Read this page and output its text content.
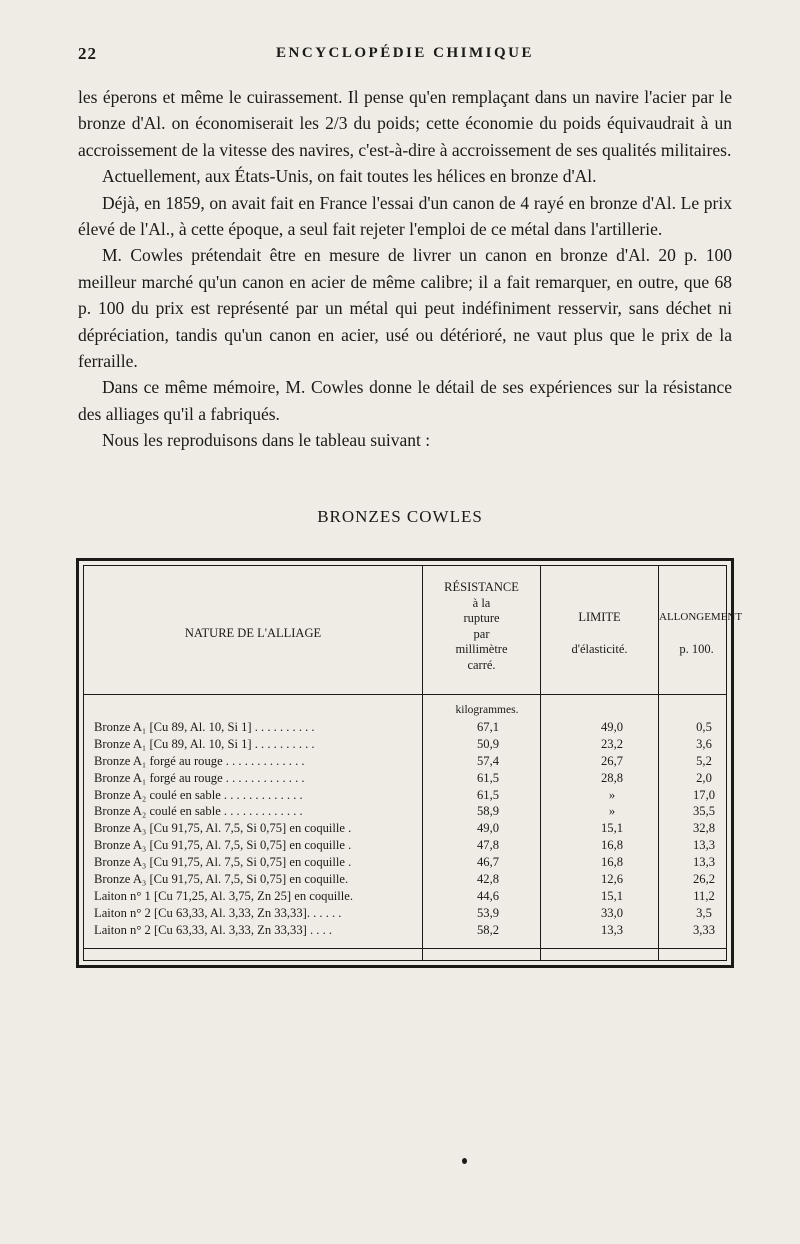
22	ENCYCLOPÉDIE CHIMIQUE

les éperons et même le cuirassement. Il pense qu'en remplaçant dans un navire l'acier par le bronze d'Al. on économiserait les 2/3 du poids; cette économie du poids équivaudrait à un accroissement de la vitesse des navires, c'est-à-dire à accroissement de ses qualités militaires.

Actuellement, aux États-Unis, on fait toutes les hélices en bronze d'Al.

Déjà, en 1859, on avait fait en France l'essai d'un canon de 4 rayé en bronze d'Al. Le prix élevé de l'Al., à cette époque, a seul fait rejeter l'emploi de ce métal dans l'artillerie.

M. Cowles prétendait être en mesure de livrer un canon en bronze d'Al. 20 p. 100 meilleur marché qu'un canon en acier de même calibre; il a fait remarquer, en outre, que 68 p. 100 du prix est représenté par un métal qui peut indéfiniment resservir, sans déchet ni dépréciation, tandis qu'un canon en acier, usé ou détérioré, ne vaut plus que le prix de la ferraille.

Dans ce même mémoire, M. Cowles donne le détail de ses expériences sur la résistance des alliages qu'il a fabriqués.

Nous les reproduisons dans le tableau suivant :

BRONZES COWLES
NATURE DE L'ALLIAGE
RÉSISTANCE
à la
rupture
par
millimètre
carré.
LIMITE
d'élasticité.
ALLONGEMENT
p. 100.
kilogrammes.
Bronze A₁ [Cu 89, Al. 10, Si 1] . . . . . . . . . .	67,1	49,0	0,5
Bronze A₁ [Cu 89, Al. 10, Si 1] . . . . . . . . . .	50,9	23,2	3,6
Bronze A₁ forgé au rouge . . . . . . . . . . . . .	57,4	26,7	5,2
Bronze A₁ forgé au rouge . . . . . . . . . . . . .	61,5	28,8	2,0
Bronze A₂ coulé en sable . . . . . . . . . . . . .	61,5	»	17,0
Bronze A₂ coulé en sable . . . . . . . . . . . . .	58,9	»	35,5
Bronze A₃ [Cu 91,75, Al. 7,5, Si 0,75] en coquille .	49,0	15,1	32,8
Bronze A₃ [Cu 91,75, Al. 7,5, Si 0,75] en coquille .	47,8	16,8	13,3
Bronze A₃ [Cu 91,75, Al. 7,5, Si 0,75] en coquille .	46,7	16,8	13,3
Bronze A₃ [Cu 91,75, Al. 7,5, Si 0,75] en coquille.	42,8	12,6	26,2
Laiton n° 1 [Cu 71,25, Al. 3,75, Zn 25] en coquille.	44,6	15,1	11,2
Laiton n° 2 [Cu 63,33, Al. 3,33, Zn 33,33]. . . . . .	53,9	33,0	3,5
Laiton n° 2 [Cu 63,33, Al. 3,33, Zn 33,33] . . . .	58,2	13,3	3,33
